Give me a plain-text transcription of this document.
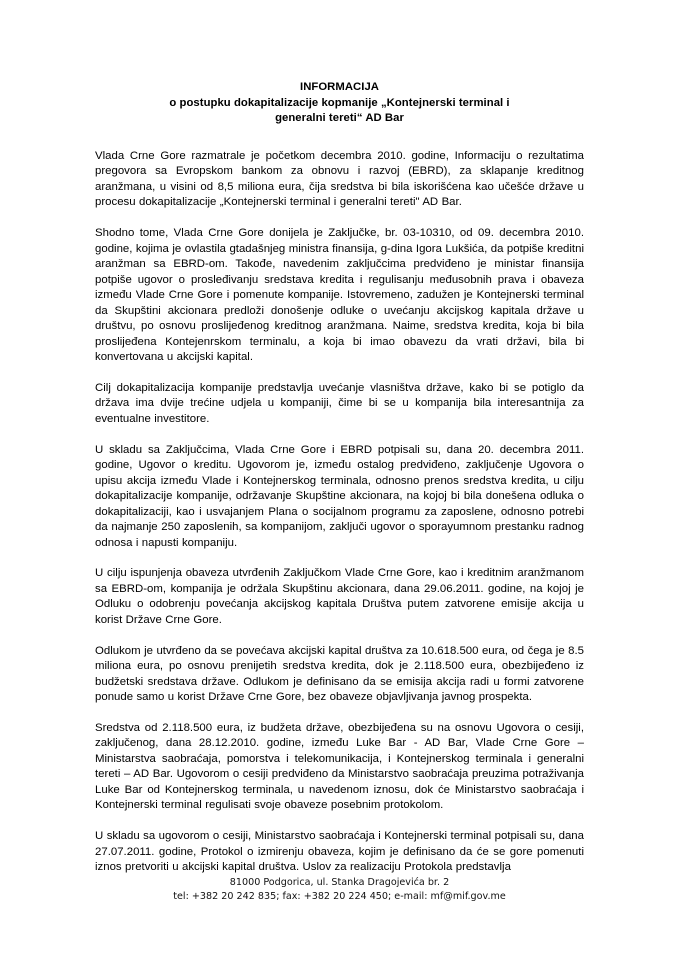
INFORMACIJA
o postupku dokapitalizacije kopmanije „Kontejnerski terminal i
generalni tereti“ AD Bar

Vlada Crne Gore razmatrale je početkom decembra 2010. godine, Informaciju o rezultatima pregovora sa Evropskom bankom za obnovu i razvoj (EBRD), za sklapanje kreditnog aranžmana, u visini od 8,5 miliona eura, čija sredstva bi bila iskorišćena kao učešće države u procesu dokapitalizacije „Kontejnerski terminal i generalni tereti" AD Bar.

Shodno tome, Vlada Crne Gore donijela je Zaključke, br. 03-10310, od 09. decembra 2010. godine, kojima je ovlastila gtadašnjeg ministra finansija, g-dina Igora Lukšića, da potpiše kreditni aranžman sa EBRD-om. Takođe, navedenim zaključcima predviđeno je ministar finansija potpiše ugovor o prosleđivanju sredstava kredita i regulisanju međusobnih prava i obaveza između Vlade Crne Gore i pomenute kompanije. Istovremeno, zadužen je Kontejnerski terminal da Skupštini akcionara predloži donošenje odluke o uvećanju akcijskog kapitala države u društvu, po osnovu proslijeđenog kreditnog aranžmana. Naime, sredstva kredita, koja bi bila proslijeđena Kontejenrskom terminalu, a koja bi imao obavezu da vrati državi, bila bi konvertovana u akcijski kapital.

Cilj dokapitalizacija kompanije predstavlja uvećanje vlasništva države, kako bi se potiglo da država ima dvije trećine udjela u kompaniji, čime bi se u kompanija bila interesantnija za eventualne investitore.

U skladu sa Zaključcima, Vlada Crne Gore i EBRD potpisali su, dana 20. decembra 2011. godine, Ugovor o kreditu. Ugovorom je, između ostalog predviđeno, zaključenje Ugovora o upisu akcija između Vlade i Kontejnerskog terminala, odnosno prenos sredstva kredita, u cilju dokapitalizacije kompanije, održavanje Skupštine akcionara, na kojoj bi bila donešena odluka o dokapitalizaciji, kao i usvajanjem Plana o socijalnom programu za zaposlene, odnosno potrebi da najmanje 250 zaposlenih, sa kompanijom, zaključi ugovor o sporayumnom prestanku radnog odnosa i napusti kompaniju.

U cilju ispunjenja obaveza utvrđenih Zaključkom Vlade Crne Gore, kao i kreditnim aranžmanom sa EBRD-om, kompanija je održala Skupštinu akcionara, dana 29.06.2011. godine, na kojoj je Odluku o odobrenju povećanja akcijskog kapitala Društva putem zatvorene emisije akcija u korist Države Crne Gore.

Odlukom je utvrđeno da se povećava akcijski kapital društva za 10.618.500 eura, od čega je 8.5 miliona eura, po osnovu prenijetih sredstva kredita, dok je 2.118.500 eura, obezbijeđeno iz budžetski sredstava države. Odlukom je definisano da se emisija akcija radi u formi zatvorene ponude samo u korist Države Crne Gore, bez obaveze objavljivanja javnog prospekta.

Sredstva od 2.118.500 eura, iz budžeta države, obezbijeđena su na osnovu Ugovora o cesiji, zaključenog, dana 28.12.2010. godine, između Luke Bar - AD Bar, Vlade Crne Gore – Ministarstva saobraćaja, pomorstva i telekomunikacija, i Kontejnerskog terminala i generalni tereti – AD Bar. Ugovorom o cesiji predviđeno da Ministarstvo saobraćaja preuzima potraživanja Luke Bar od Kontejnerskog terminala, u navedenom iznosu, dok će Ministarstvo saobraćaja i Kontejnerski terminal regulisati svoje obaveze posebnim protokolom.

U skladu sa ugovorom o cesiji, Ministarstvo saobraćaja i Kontejnerski terminal potpisali su, dana 27.07.2011. godine, Protokol o izmirenju obaveza, kojim je definisano da će se gore pomenuti iznos pretvoriti u akcijski kapital društva. Uslov za realizaciju Protokola predstavlja

81000 Podgorica, ul. Stanka Dragojevića br. 2
tel: +382 20 242 835; fax: +382 20 224 450; e-mail: mf@mif.gov.me
